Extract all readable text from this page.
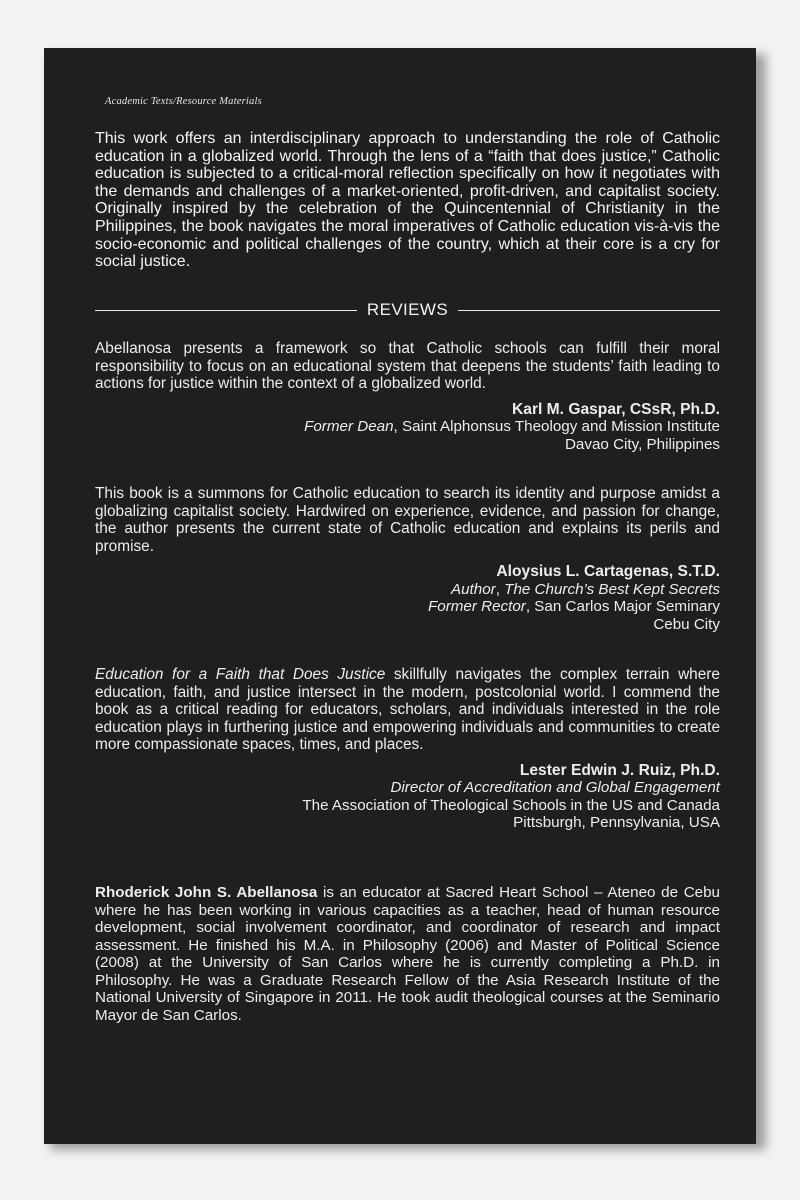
Academic Texts/Resource Materials

This work offers an interdisciplinary approach to understanding the role of Catholic education in a globalized world. Through the lens of a “faith that does justice,” Catholic education is subjected to a critical-moral reflection specifically on how it negotiates with the demands and challenges of a market-oriented, profit-driven, and capitalist society. Originally inspired by the celebration of the Quincentennial of Christianity in the Philippines, the book navigates the moral imperatives of Catholic education vis-à-vis the socio-economic and political challenges of the country, which at their core is a cry for social justice.

REVIEWS

Abellanosa presents a framework so that Catholic schools can fulfill their moral responsibility to focus on an educational system that deepens the students’ faith leading to actions for justice within the context of a globalized world.

Karl M. Gaspar, CSsR, Ph.D.
Former Dean, Saint Alphonsus Theology and Mission Institute
Davao City, Philippines

This book is a summons for Catholic education to search its identity and purpose amidst a globalizing capitalist society. Hardwired on experience, evidence, and passion for change, the author presents the current state of Catholic education and explains its perils and promise.

Aloysius L. Cartagenas, S.T.D.
Author, The Church’s Best Kept Secrets
Former Rector, San Carlos Major Seminary
Cebu City

Education for a Faith that Does Justice skillfully navigates the complex terrain where education, faith, and justice intersect in the modern, postcolonial world. I commend the book as a critical reading for educators, scholars, and individuals interested in the role education plays in furthering justice and empowering individuals and communities to create more compassionate spaces, times, and places.

Lester Edwin J. Ruiz, Ph.D.
Director of Accreditation and Global Engagement
The Association of Theological Schools in the US and Canada
Pittsburgh, Pennsylvania, USA

Rhoderick John S. Abellanosa is an educator at Sacred Heart School – Ateneo de Cebu where he has been working in various capacities as a teacher, head of human resource development, social involvement coordinator, and coordinator of research and impact assessment. He finished his M.A. in Philosophy (2006) and Master of Political Science (2008) at the University of San Carlos where he is currently completing a Ph.D. in Philosophy. He was a Graduate Research Fellow of the Asia Research Institute of the National University of Singapore in 2011. He took audit theological courses at the Seminario Mayor de San Carlos.
